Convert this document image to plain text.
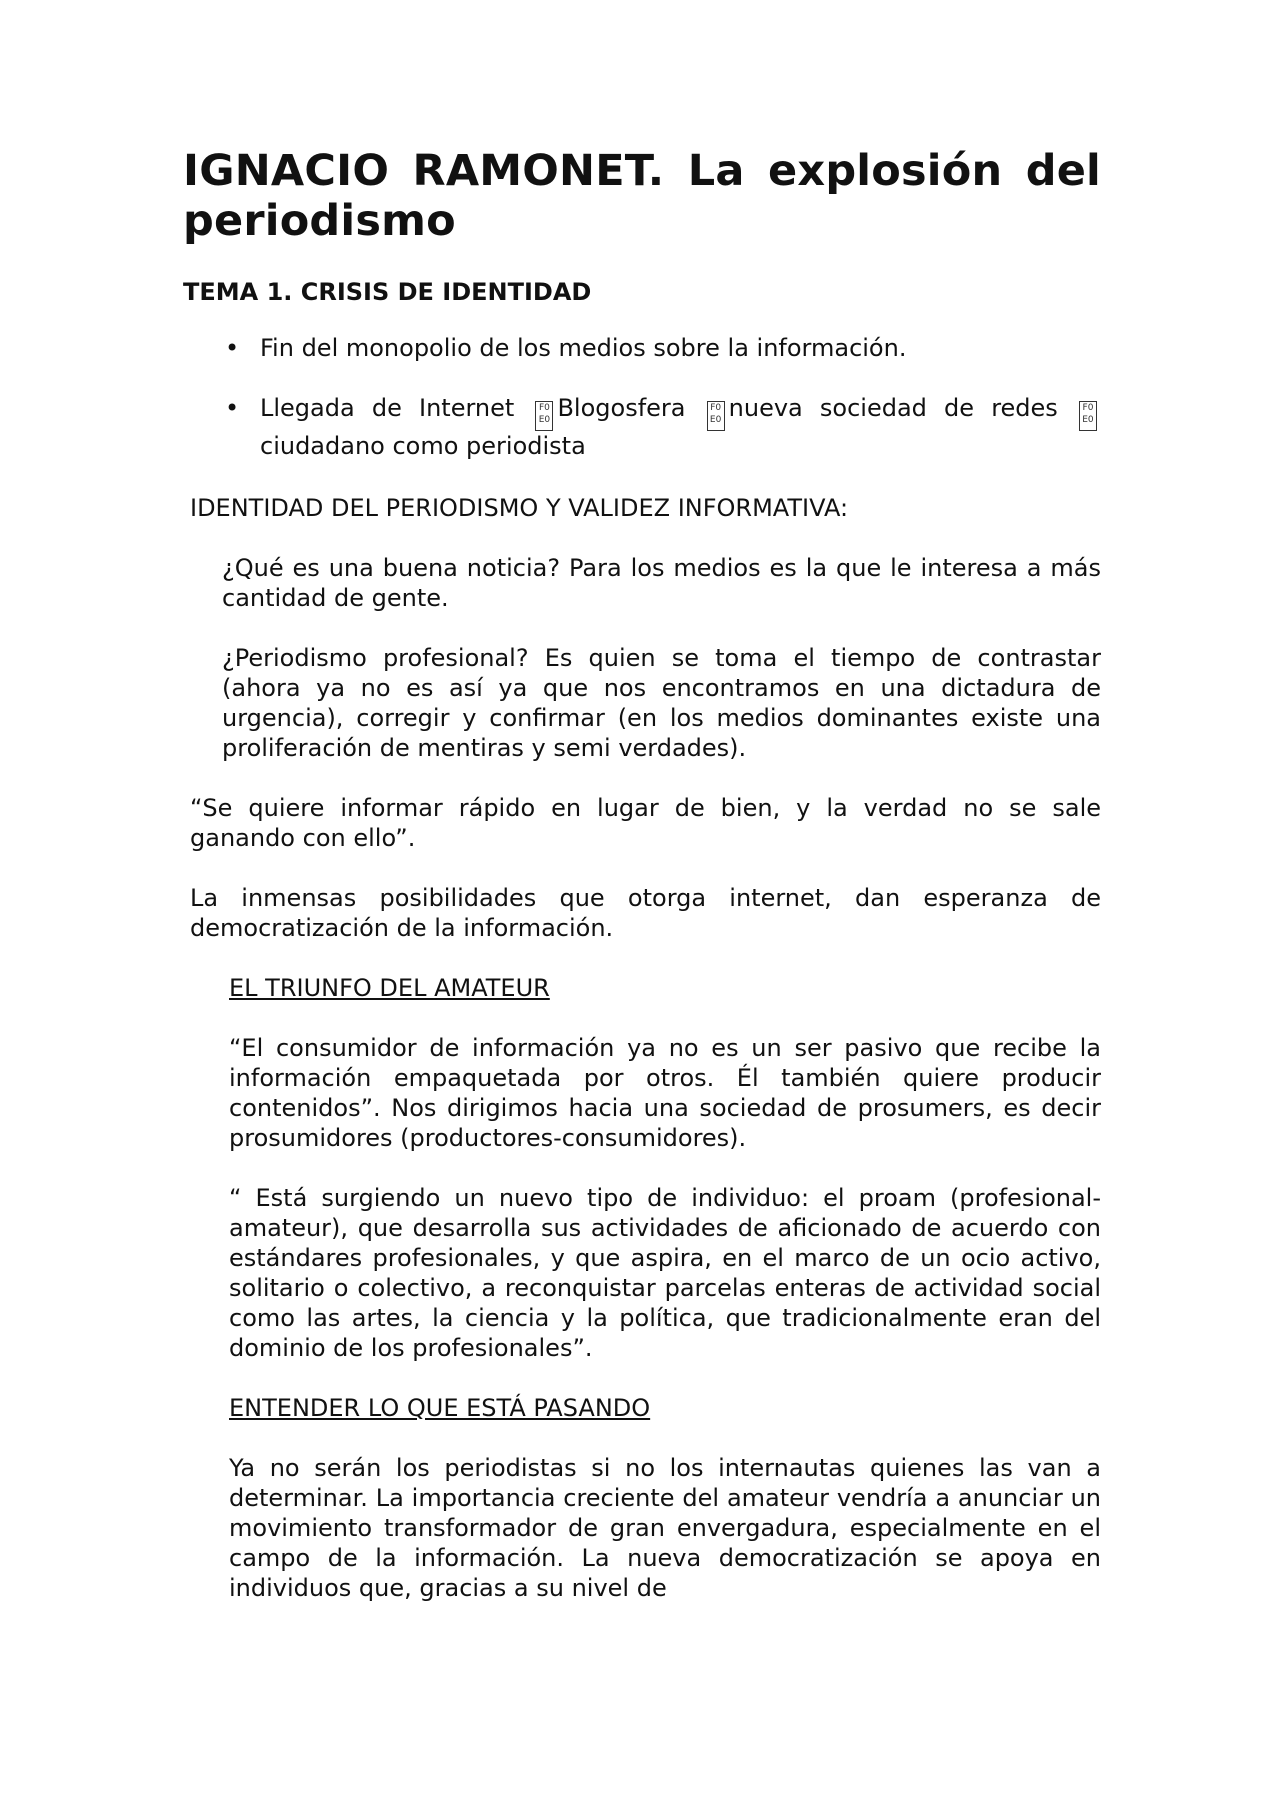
IGNACIO RAMONET. La explosión del periodismo
TEMA 1. CRISIS DE IDENTIDAD
• Fin del monopolio de los medios sobre la información.
• Llegada de Internet	F0
E0 Blogosfera	F0
E0 nueva sociedad de redes	F0
E0 ciudadano como periodista

IDENTIDAD DEL PERIODISMO Y VALIDEZ INFORMATIVA:

¿Qué es una buena noticia? Para los medios es la que le interesa a más cantidad de gente.

¿Periodismo profesional? Es quien se toma el tiempo de contrastar (ahora ya no es así ya que nos encontramos en una dictadura de urgencia), corregir y confirmar (en los medios dominantes existe una proliferación de mentiras y semi verdades).

“Se quiere informar rápido en lugar de bien, y la verdad no se sale ganando con ello”.

La inmensas posibilidades que otorga internet, dan esperanza de democratización de la información.

EL TRIUNFO DEL AMATEUR

“El consumidor de información ya no es un ser pasivo que recibe la información empaquetada por otros. Él también quiere producir contenidos”. Nos dirigimos hacia una sociedad de prosumers, es decir prosumidores (productores-consumidores).

“ Está surgiendo un nuevo tipo de individuo: el proam (profesional-amateur), que desarrolla sus actividades de aficionado de acuerdo con estándares profesionales, y que aspira, en el marco de un ocio activo, solitario o colectivo, a reconquistar parcelas enteras de actividad social como las artes, la ciencia y la política, que tradicionalmente eran del dominio de los profesionales”.

ENTENDER LO QUE ESTÁ PASANDO

Ya no serán los periodistas si no los internautas quienes las van a determinar. La importancia creciente del amateur vendría a anunciar un movimiento transformador de gran envergadura, especialmente en el campo de la información. La nueva democratización se apoya en individuos que, gracias a su nivel de
